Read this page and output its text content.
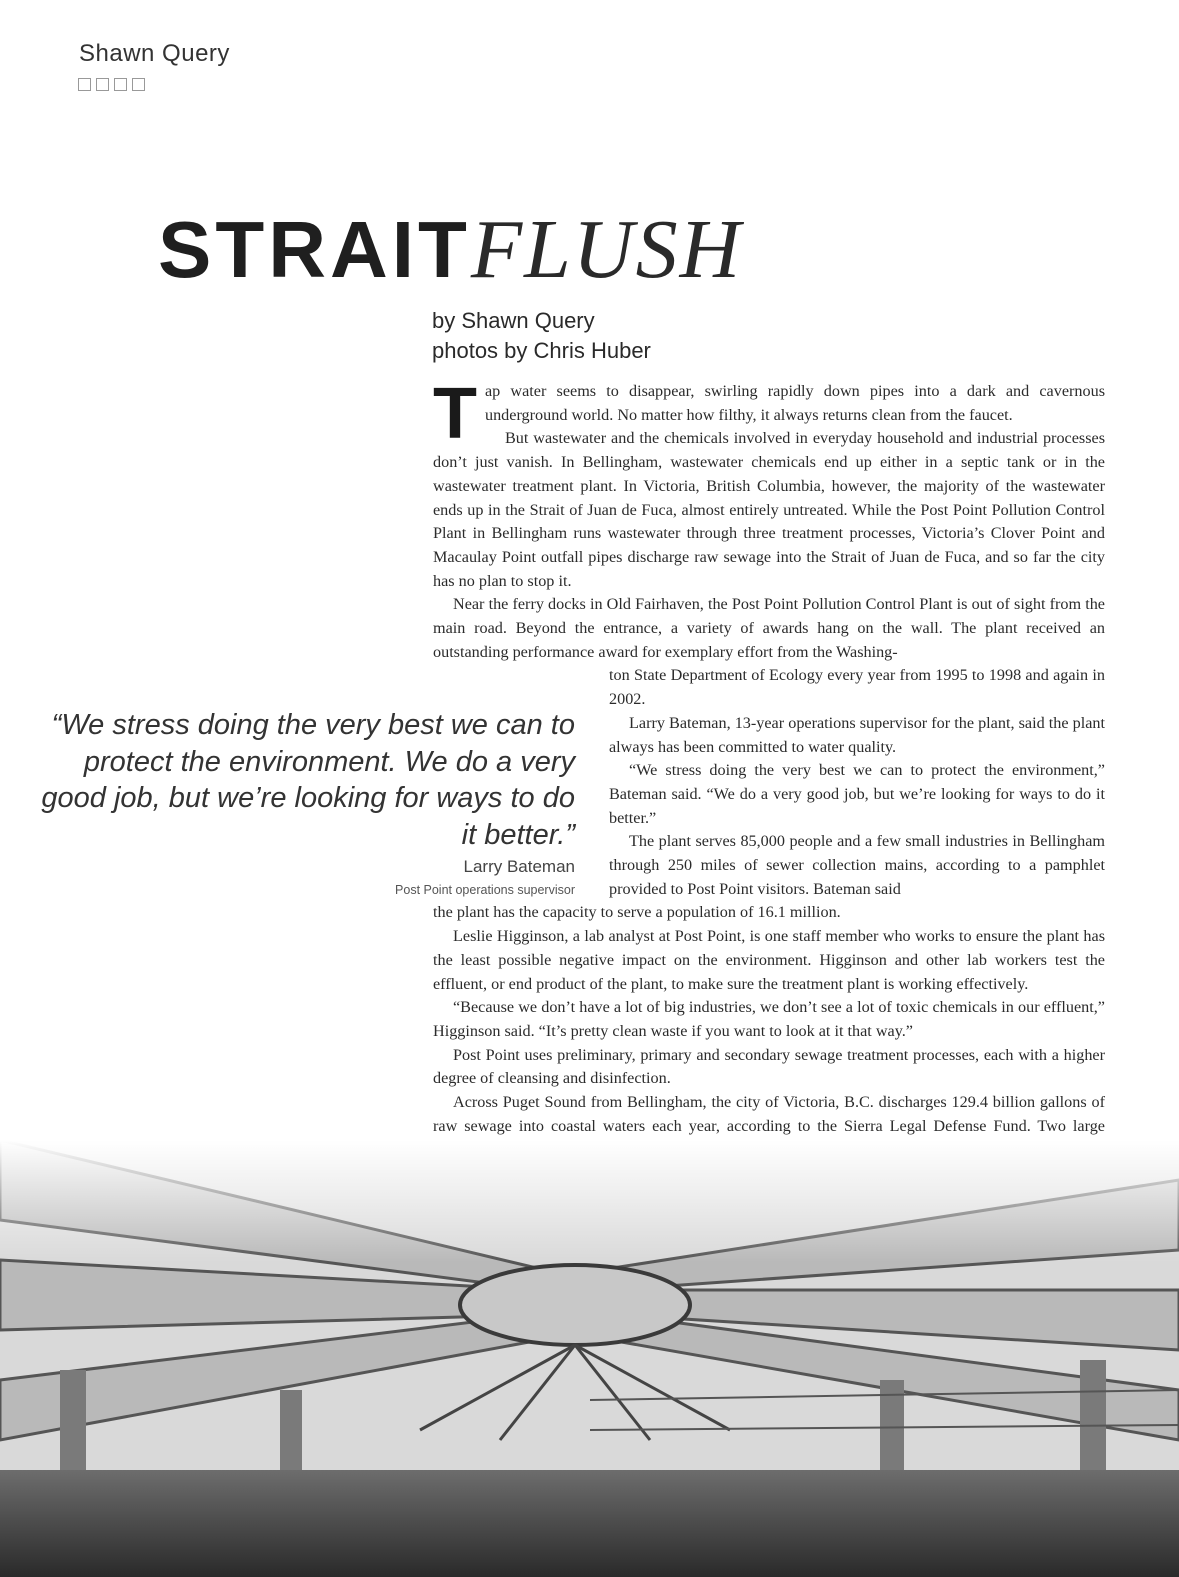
Shawn Query
STRAITFLUSH
by Shawn Query
photos by Chris Huber

Tap water seems to disappear, swirling rapidly down pipes into a dark and cavernous underground world. No matter how filthy, it always returns clean from the faucet.

But wastewater and the chemicals involved in everyday household and industrial processes don’t just vanish. In Bellingham, wastewater chemicals end up either in a septic tank or in the wastewater treatment plant. In Victoria, British Columbia, however, the majority of the wastewater ends up in the Strait of Juan de Fuca, almost entirely untreated. While the Post Point Pollution Control Plant in Bellingham runs wastewater through three treatment processes, Victoria’s Clover Point and Macaulay Point outfall pipes discharge raw sewage into the Strait of Juan de Fuca, and so far the city has no plan to stop it.

Near the ferry docks in Old Fairhaven, the Post Point Pollution Control Plant is out of sight from the main road. Beyond the entrance, a variety of awards hang on the wall. The plant received an outstanding performance award for exemplary effort from the Washing-

ton State Department of Ecology every year from 1995 to 1998 and again in 2002.

Larry Bateman, 13-year operations supervisor for the plant, said the plant always has been committed to water quality.

“We stress doing the very best we can to protect the environment,” Bateman said. “We do a very good job, but we’re looking for ways to do it better.”

The plant serves 85,000 people and a few small industries in Bellingham through 250 miles of sewer collection mains, according to a pamphlet provided to Post Point visitors. Bateman said

the plant has the capacity to serve a population of 16.1 million.

Leslie Higginson, a lab analyst at Post Point, is one staff member who works to ensure the plant has the least possible negative impact on the environment. Higginson and other lab workers test the effluent, or end product of the plant, to make sure the treatment plant is working effectively.

“Because we don’t have a lot of big industries, we don’t see a lot of toxic chemicals in our effluent,” Higginson said. “It’s pretty clean waste if you want to look at it that way.”

Post Point uses preliminary, primary and secondary sewage treatment processes, each with a higher degree of cleansing and disinfection.

Across Puget Sound from Bellingham, the city of Victoria, B.C. discharges 129.4 billion gallons of raw sewage into coastal waters each year, according to the Sierra Legal Defense Fund. Two large

“We stress doing the very best we can to protect the environment. We do a very good job, but we’re looking for ways to do it better.”
Larry Bateman
Post Point operations supervisor
